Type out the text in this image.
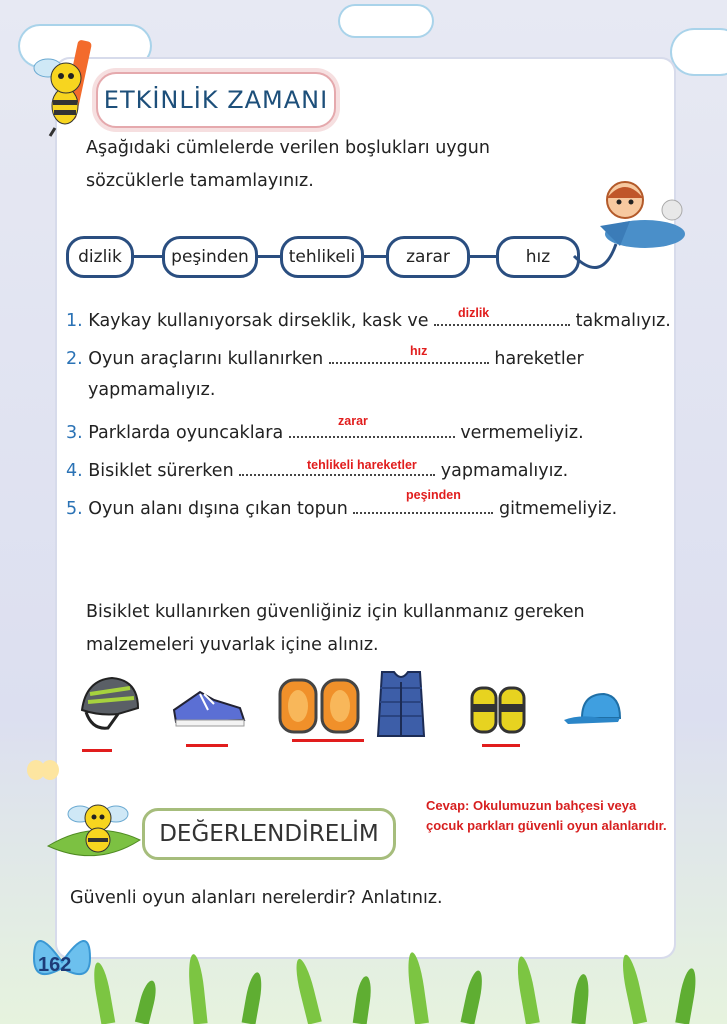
ETKİNLİK ZAMANI
Aşağıdaki cümlelerde verilen boşlukları uygun sözcüklerle tamamlayınız.
dizlik	peşinden	tehlikeli	zarar	hız
1. Kaykay kullanıyorsak dirseklik, kask ve	takmalıyız.
dizlik
2. Oyun araçlarını kullanırken	hareketler
yapmamalıyız.
hız
3. Parklarda oyuncaklara	vermemeliyiz.
zarar
4. Bisiklet sürerken	yapmamalıyız.
tehlikeli hareketler
5. Oyun alanı dışına çıkan topun	gitmemeliyiz.
peşinden
Bisiklet kullanırken güvenliğiniz için kullanmanız gereken malzemeleri yuvarlak içine alınız.
DEĞERLENDİRELİM
Cevap: Okulumuzun bahçesi veya çocuk parkları güvenli oyun alanlarıdır.
Güvenli oyun alanları nerelerdir? Anlatınız.
162
